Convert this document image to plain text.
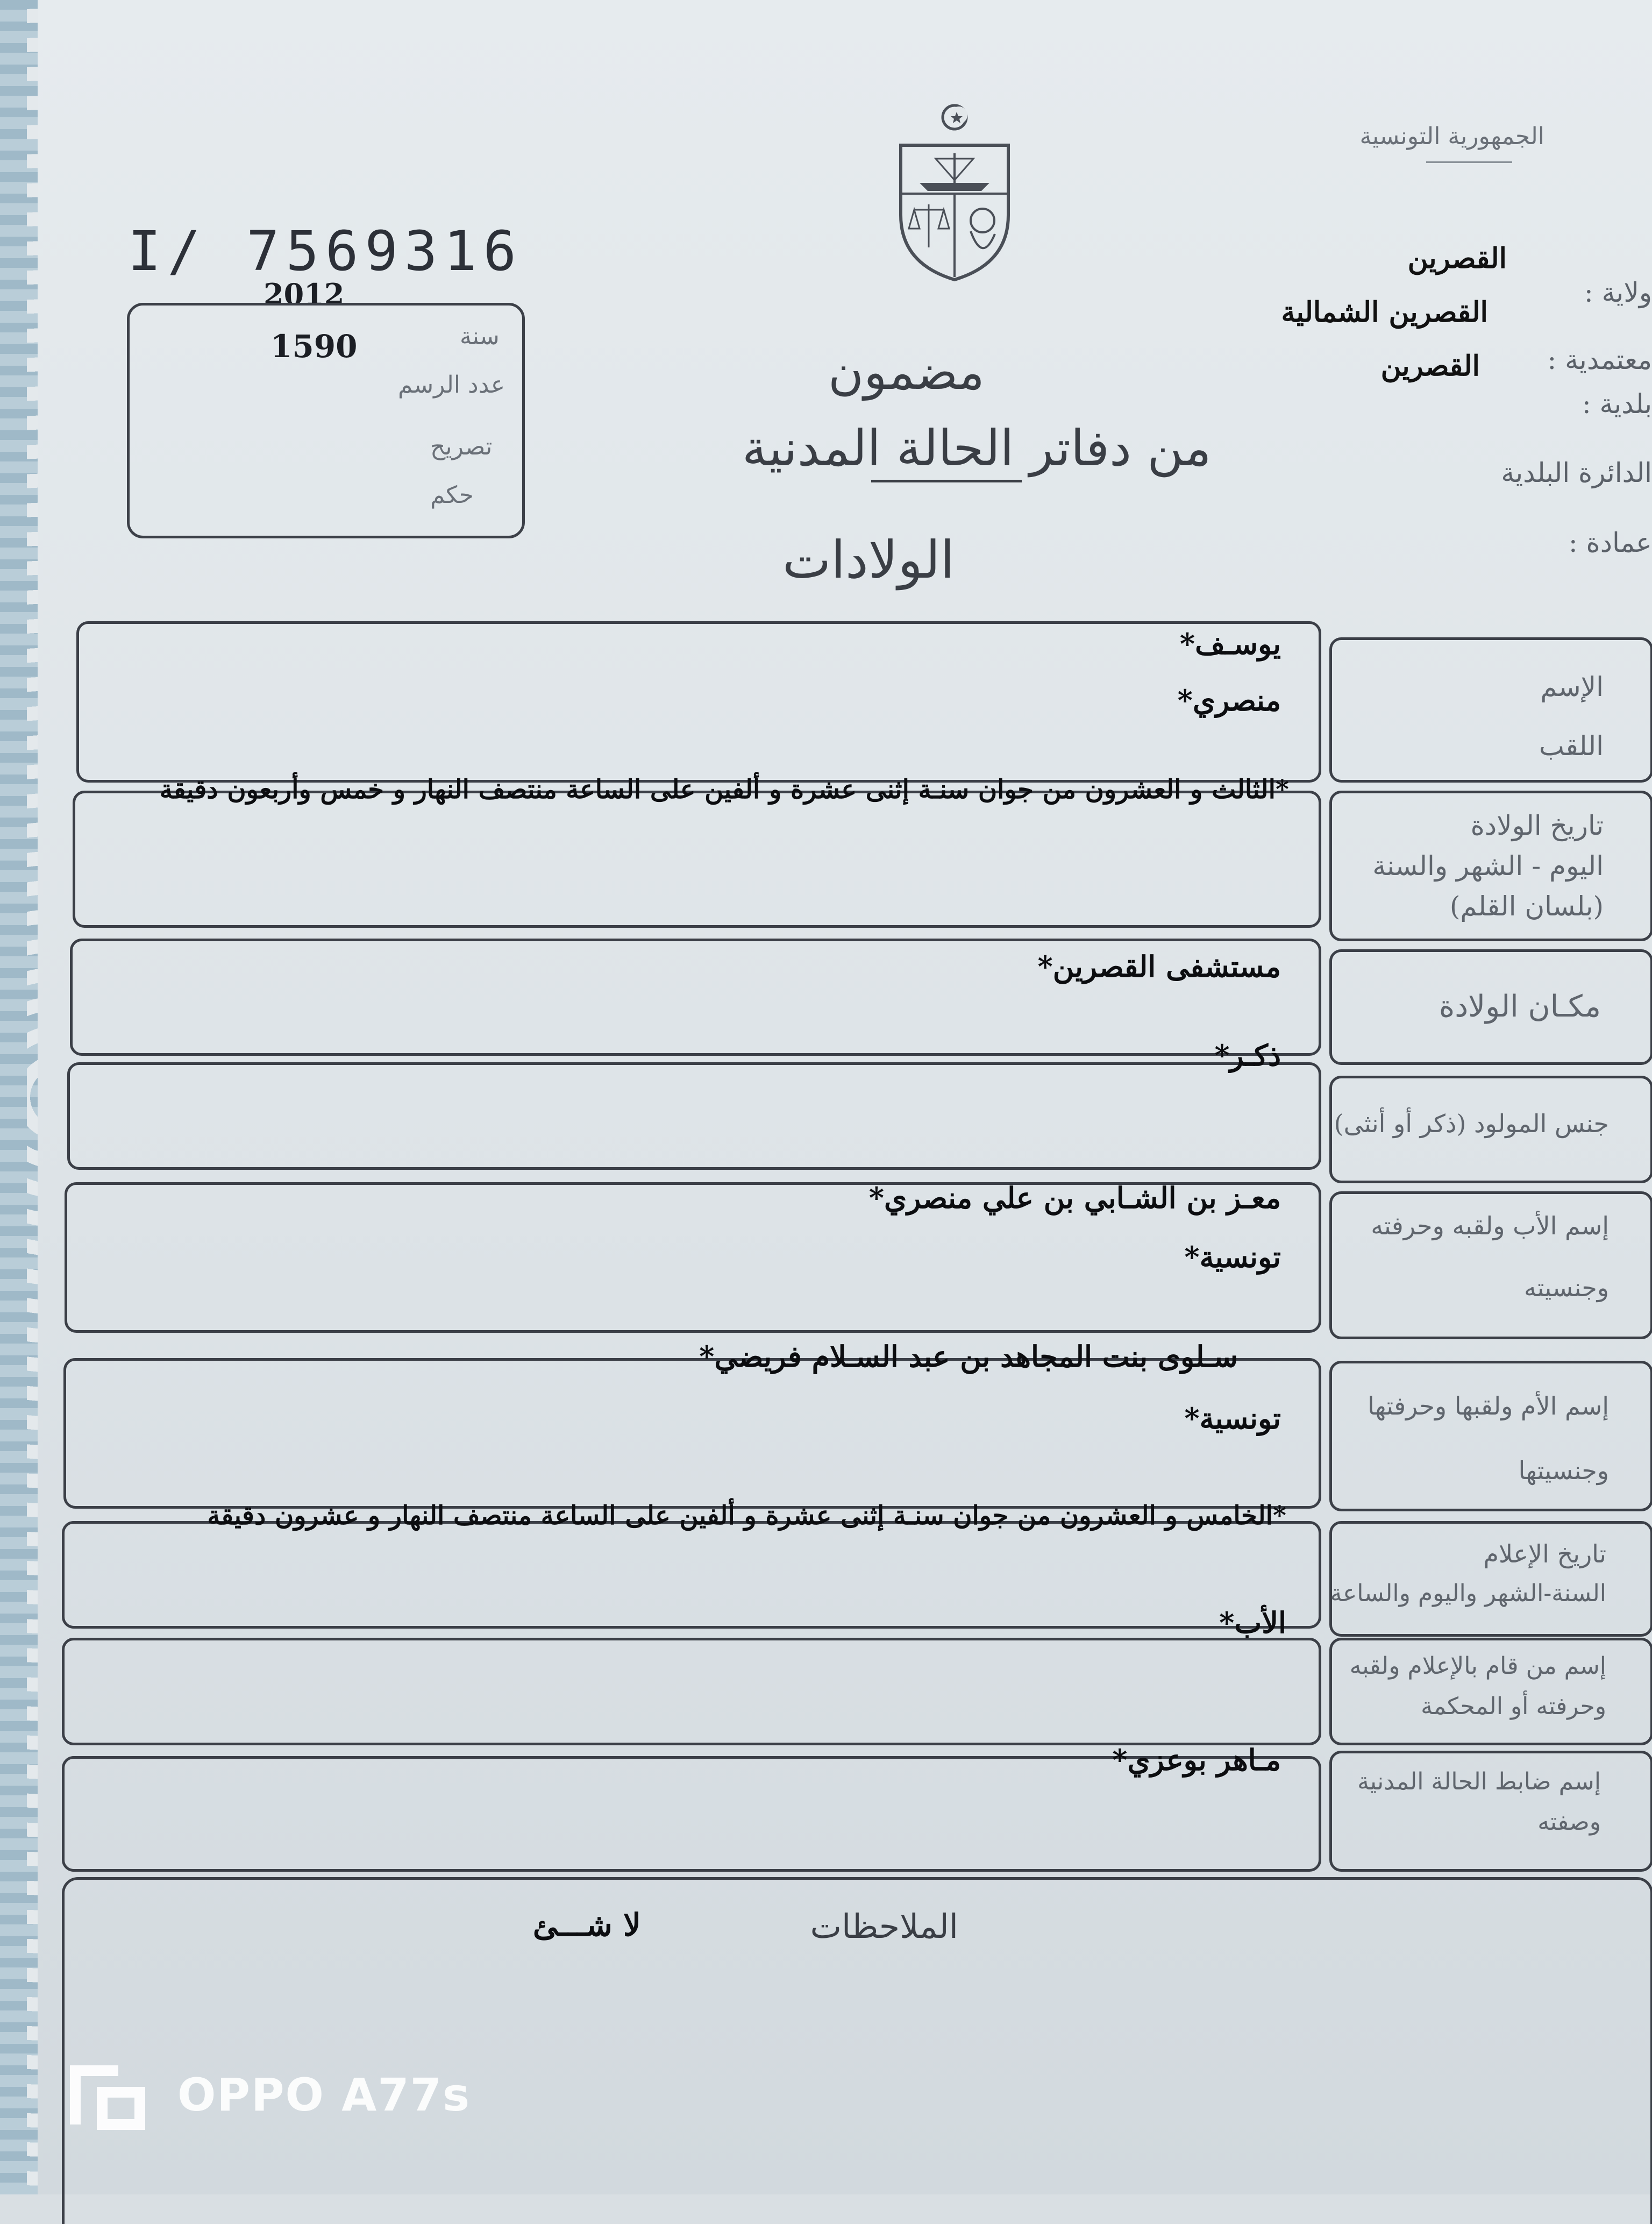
الجمهورية التونسية
ولاية :
القصرين
معتمدية :
القصرين الشمالية
بلدية :
القصرين
الدائرة البلدية
عمادة :
I/ 7569316
2012
سنة
1590
عدد الرسم
تصريح
حكم
مضمون
من دفاتر الحالة المدنية
الولادات
الإسم
اللقب
يوسـف*
منصري*
تاريخ الولادة
اليوم - الشهر والسنة
(بلسان القلم)
*الثالث و العشرون من جوان سنـة إثنى عشرة و ألفين على الساعة منتصف النهار و خمس وأربعون دقيقة
مكـان الولادة
مستشفى القصرين*
جنس المولود (ذكر أو أنثى)
ذكـر*
إسم الأب ولقبه وحرفته
وجنسيته
معـز بن الشـابي بن علي منصري*
تونسية*
إسم الأم ولقبها وحرفتها
وجنسيتها
سـلوى بنت المجاهد بن عبد السـلام فريضي*
تونسية*
تاريخ الإعلام
السنة-الشهر واليوم والساعة
*الخامس و العشرون من جوان سنـة إثنى عشرة و ألفين على الساعة منتصف النهار و عشرون دقيقة
إسم من قام بالإعلام ولقبه
وحرفته أو المحكمة
الأب*
إسم ضابط الحالة المدنية
وصفته
مـاهر بوعزي*
الملاحظات
لا شـــئ
OPPO A77s
